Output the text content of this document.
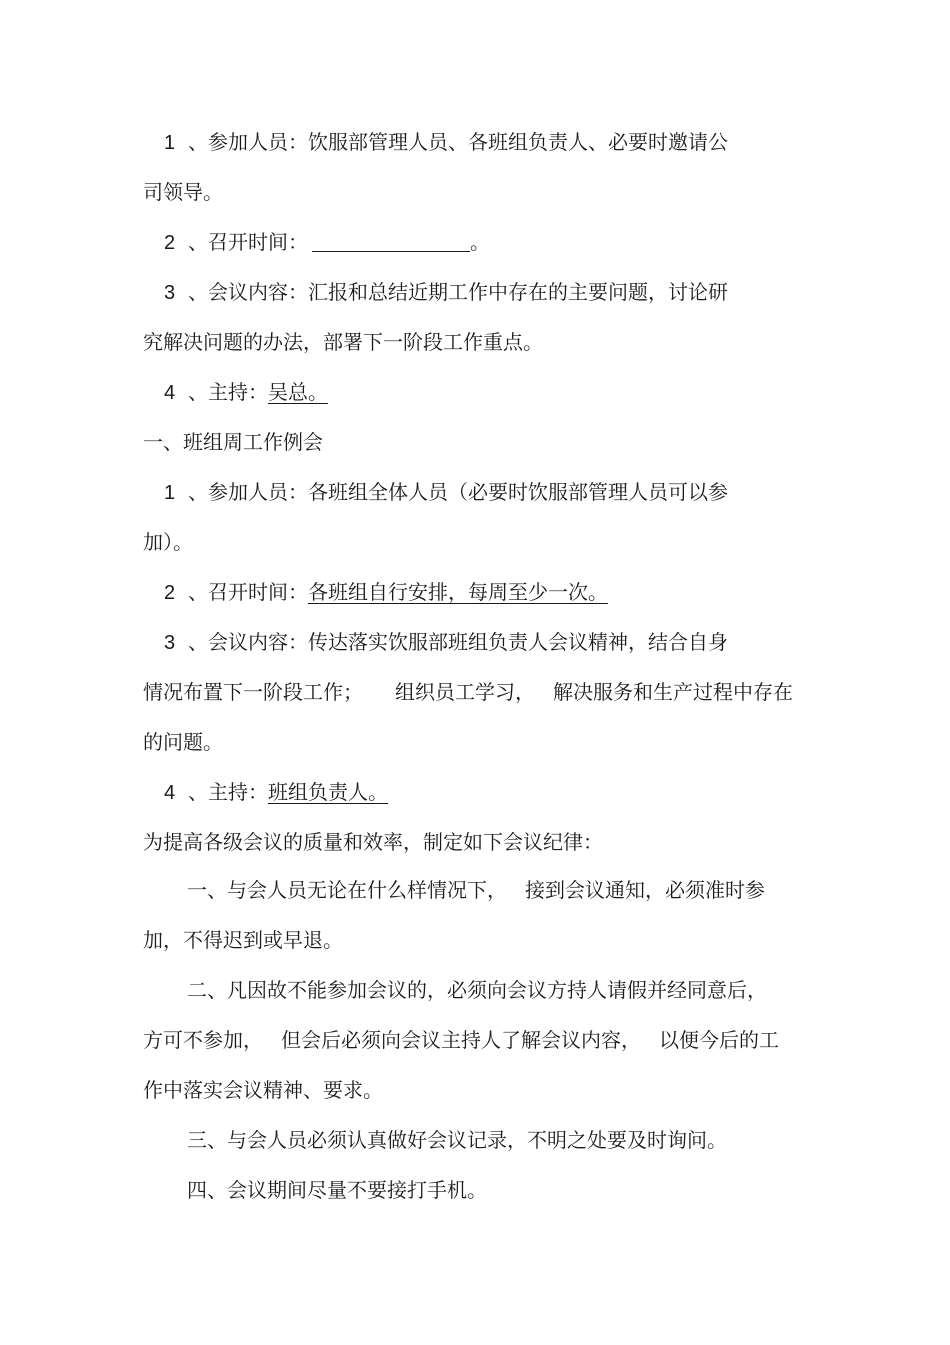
1 、参加人员：饮服部管理人员、各班组负责人、必要时邀请公
司领导。
2 、召开时间：	。
3 、会议内容：汇报和总结近期工作中存在的主要问题，讨论研
究解决问题的办法，部署下一阶段工作重点。
4 、主持：吴总。
一、班组周工作例会
1 、参加人员：各班组全体人员（必要时饮服部管理人员可以参
加）。
2 、召开时间：各班组自行安排，每周至少一次。
3 、会议内容：传达落实饮服部班组负责人会议精神，结合自身
情况布置下一阶段工作； 组织员工学习， 解决服务和生产过程中存在
的问题。
4 、主持：班组负责人。
为提高各级会议的质量和效率，制定如下会议纪律：
一、与会人员无论在什么样情况下， 接到会议通知，必须准时参
加，不得迟到或早退。
二、凡因故不能参加会议的，必须向会议方持人请假并经同意后，
方可不参加， 但会后必须向会议主持人了解会议内容， 以便今后的工
作中落实会议精神、要求。
三、与会人员必须认真做好会议记录，不明之处要及时询问。
四、会议期间尽量不要接打手机。
